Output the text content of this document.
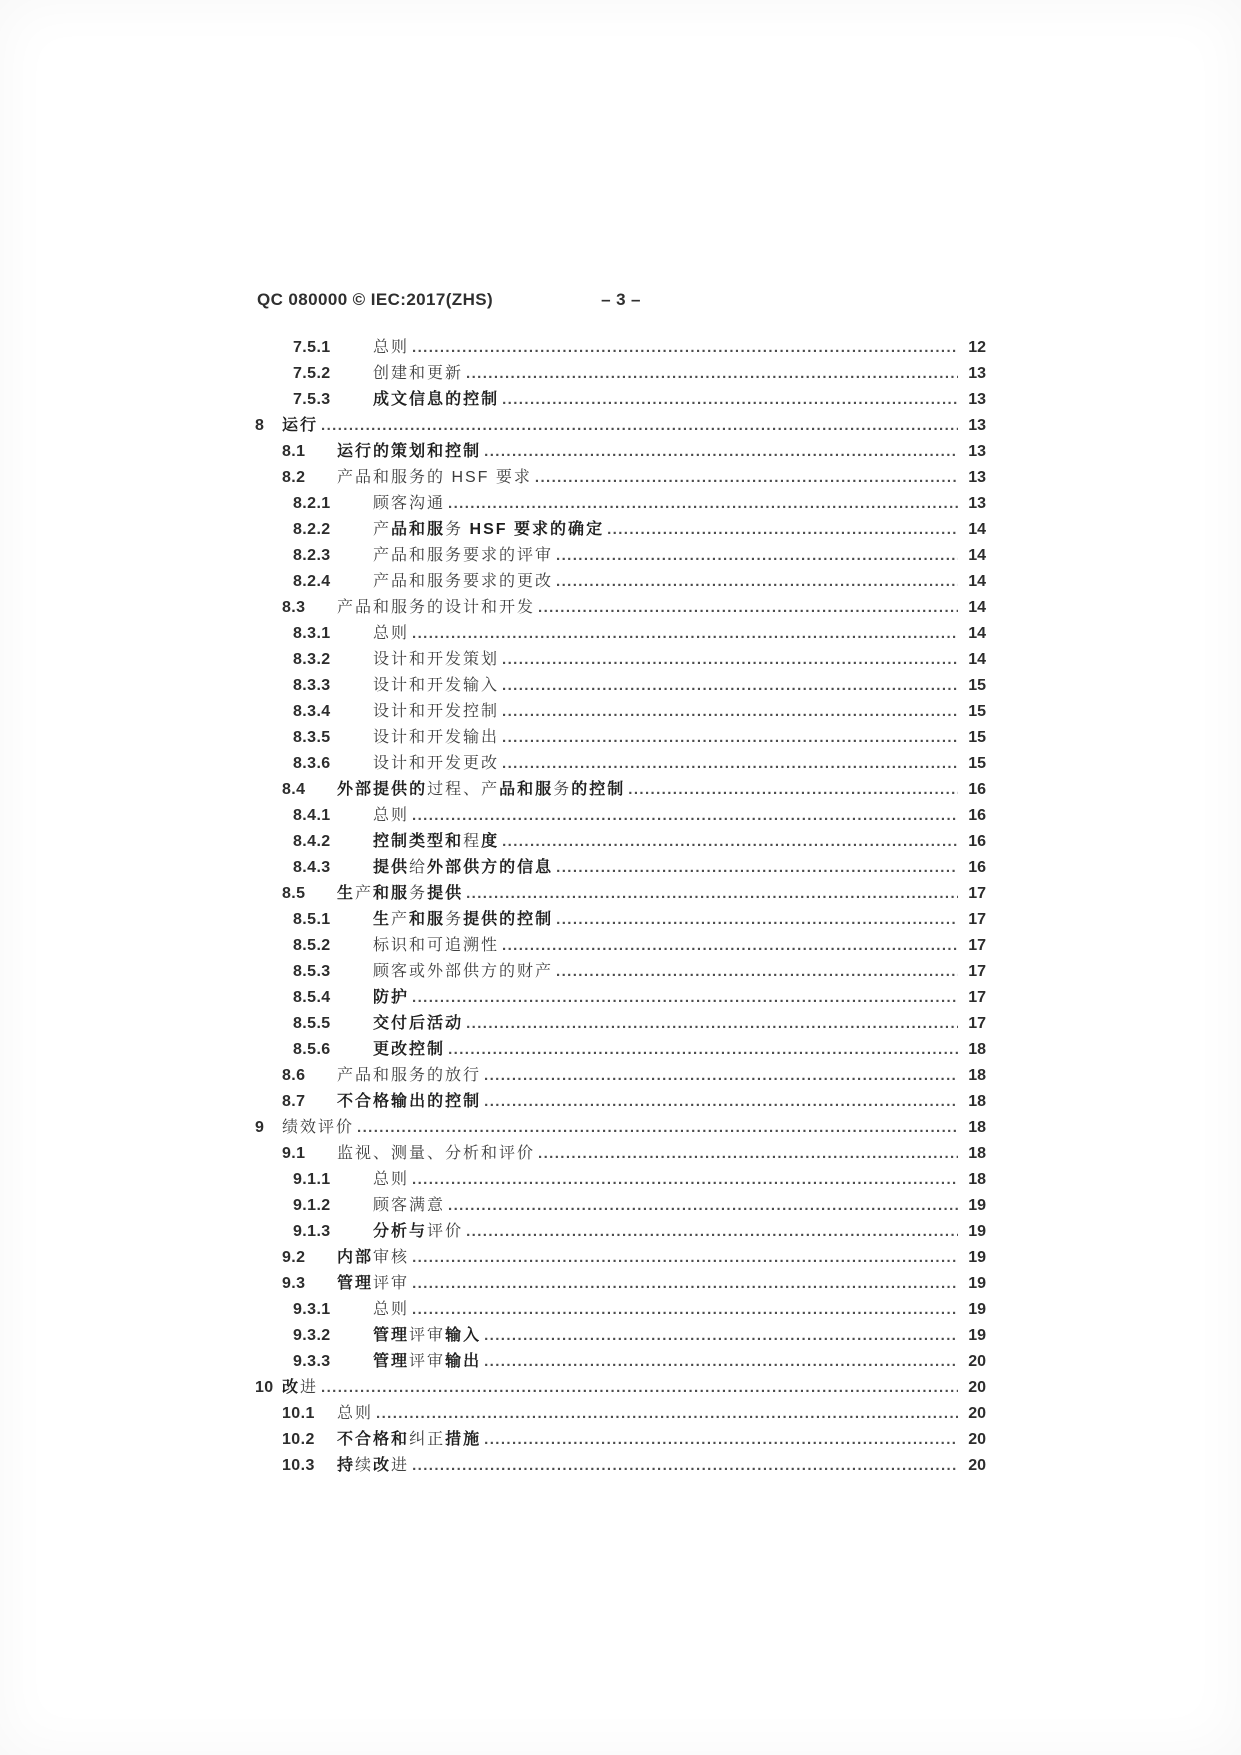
QC 080000 © IEC:2017(ZHS)	– 3 –
7.5.1	总则 .....	12
7.5.2	创建和更新 .....	13
7.5.3	成文信息的控制 .....	13
8	运行 .....	13
8.1	运行的策划和控制 .....	13
8.2	产品和服务的 HSF 要求 .....	13
8.2.1	顾客沟通 .....	13
8.2.2	产品和服务 HSF 要求的确定 .....	14
8.2.3	产品和服务要求的评审 .....	14
8.2.4	产品和服务要求的更改 .....	14
8.3	产品和服务的设计和开发 .....	14
8.3.1	总则 .....	14
8.3.2	设计和开发策划 .....	14
8.3.3	设计和开发输入 .....	15
8.3.4	设计和开发控制 .....	15
8.3.5	设计和开发输出 .....	15
8.3.6	设计和开发更改 .....	15
8.4	外部提供的过程、产品和服务的控制 .....	16
8.4.1	总则 .....	16
8.4.2	控制类型和程度 .....	16
8.4.3	提供给外部供方的信息 .....	16
8.5	生产和服务提供 .....	17
8.5.1	生产和服务提供的控制 .....	17
8.5.2	标识和可追溯性 .....	17
8.5.3	顾客或外部供方的财产 .....	17
8.5.4	防护 .....	17
8.5.5	交付后活动 .....	17
8.5.6	更改控制 .....	18
8.6	产品和服务的放行 .....	18
8.7	不合格输出的控制 .....	18
9	绩效评价 .....	18
9.1	监视、测量、分析和评价 .....	18
9.1.1	总则 .....	18
9.1.2	顾客满意 .....	19
9.1.3	分析与评价 .....	19
9.2	内部审核 .....	19
9.3	管理评审 .....	19
9.3.1	总则 .....	19
9.3.2	管理评审输入 .....	19
9.3.3	管理评审输出 .....	20
10 改进 .....	20
10.1	总则 .....	20
10.2	不合格和纠正措施 .....	20
10.3	持续改进 .....	20
